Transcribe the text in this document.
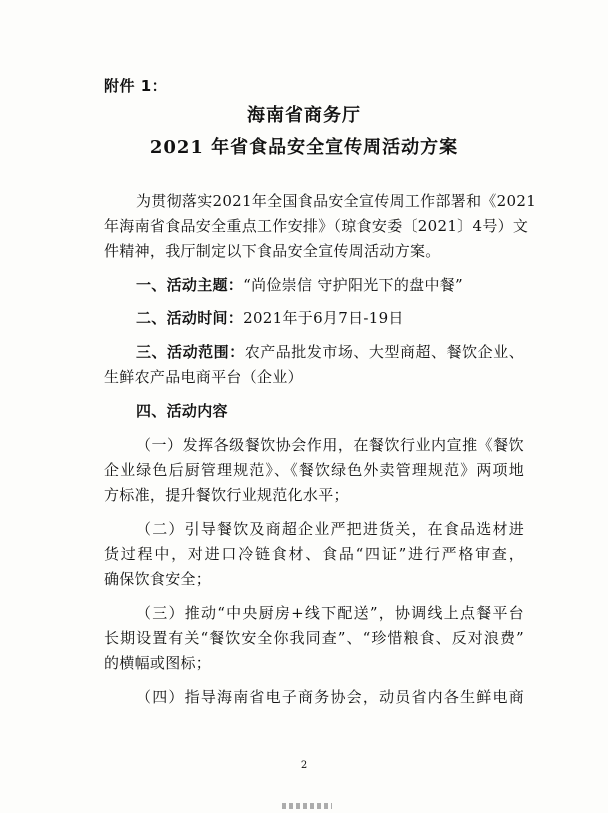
附件 1：
海南省商务厅
2021 年省食品安全宣传周活动方案
为贯彻落实2021年全国食品安全宣传周工作部署和《2021
年海南省食品安全重点工作安排》（琼食安委〔2021〕4号）文
件精神，我厅制定以下食品安全宣传周活动方案。
一、活动主题：“尚俭崇信 守护阳光下的盘中餐”
二、活动时间：2021年于6月7日-19日
三、活动范围：农产品批发市场、大型商超、餐饮企业、
生鲜农产品电商平台（企业）
四、活动内容
（一）发挥各级餐饮协会作用，在餐饮行业内宣推《餐饮
企业绿色后厨管理规范》、《餐饮绿色外卖管理规范》两项地
方标准，提升餐饮行业规范化水平；
（二）引导餐饮及商超企业严把进货关，在食品选材进
货过程中，对进口冷链食材、食品“四证”进行严格审查，
确保饮食安全；
（三）推动“中央厨房+线下配送”，协调线上点餐平台
长期设置有关“餐饮安全你我同查”、“珍惜粮食、反对浪费”
的横幅或图标；
（四）指导海南省电子商务协会，动员省内各生鲜电商
2
